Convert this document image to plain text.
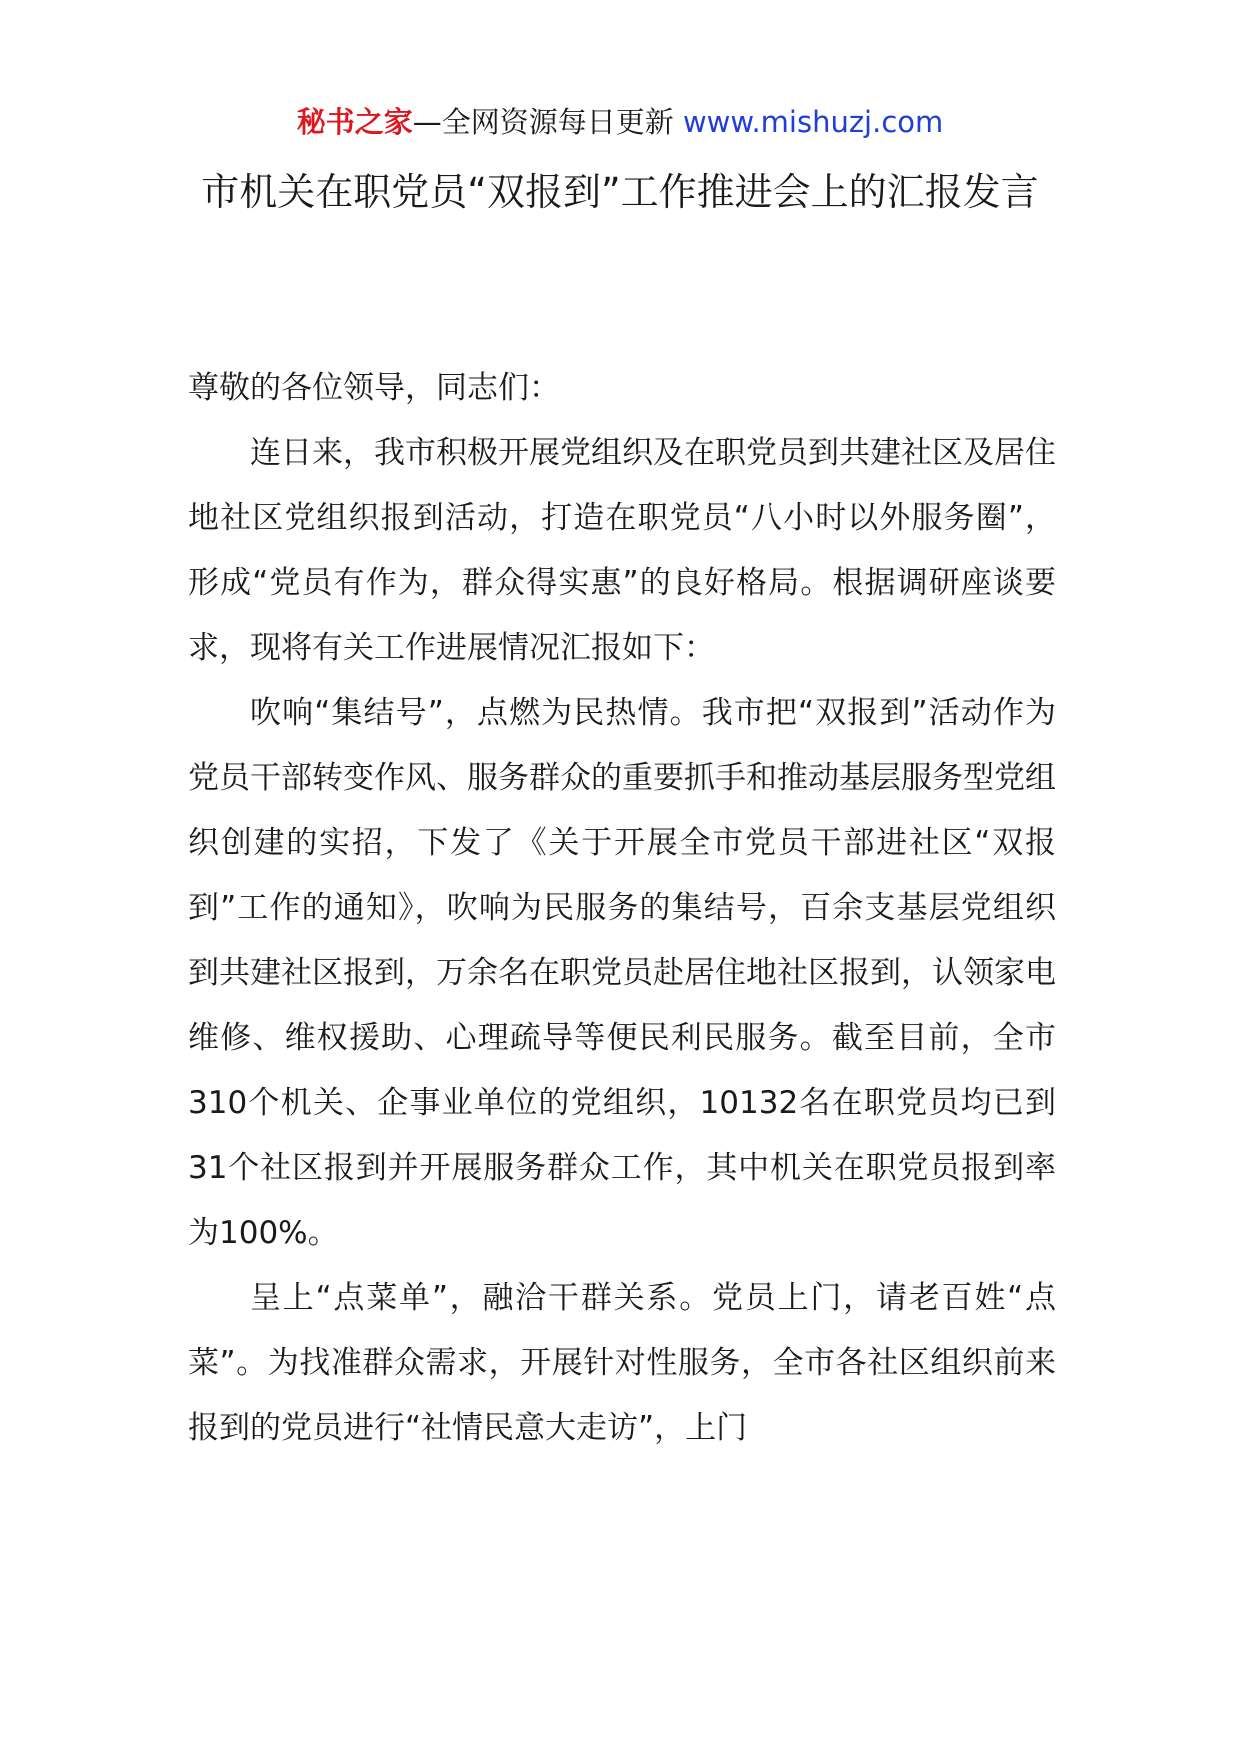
秘书之家—全网资源每日更新 www.mishuzj.com
市机关在职党员“双报到”工作推进会上的汇报发言

尊敬的各位领导，同志们：

连日来，我市积极开展党组织及在职党员到共建社区及居住地社区党组织报到活动，打造在职党员“八小时以外服务圈”，形成“党员有作为，群众得实惠”的良好格局。根据调研座谈要求，现将有关工作进展情况汇报如下：

吹响“集结号”，点燃为民热情。我市把“双报到”活动作为党员干部转变作风、服务群众的重要抓手和推动基层服务型党组织创建的实招，下发了《关于开展全市党员干部进社区“双报到”工作的通知》，吹响为民服务的集结号，百余支基层党组织到共建社区报到，万余名在职党员赴居住地社区报到，认领家电维修、维权援助、心理疏导等便民利民服务。截至目前，全市310个机关、企事业单位的党组织，10132名在职党员均已到31个社区报到并开展服务群众工作，其中机关在职党员报到率为100%。

呈上“点菜单”，融洽干群关系。党员上门，请老百姓“点菜”。为找准群众需求，开展针对性服务，全市各社区组织前来报到的党员进行“社情民意大走访”，上门
